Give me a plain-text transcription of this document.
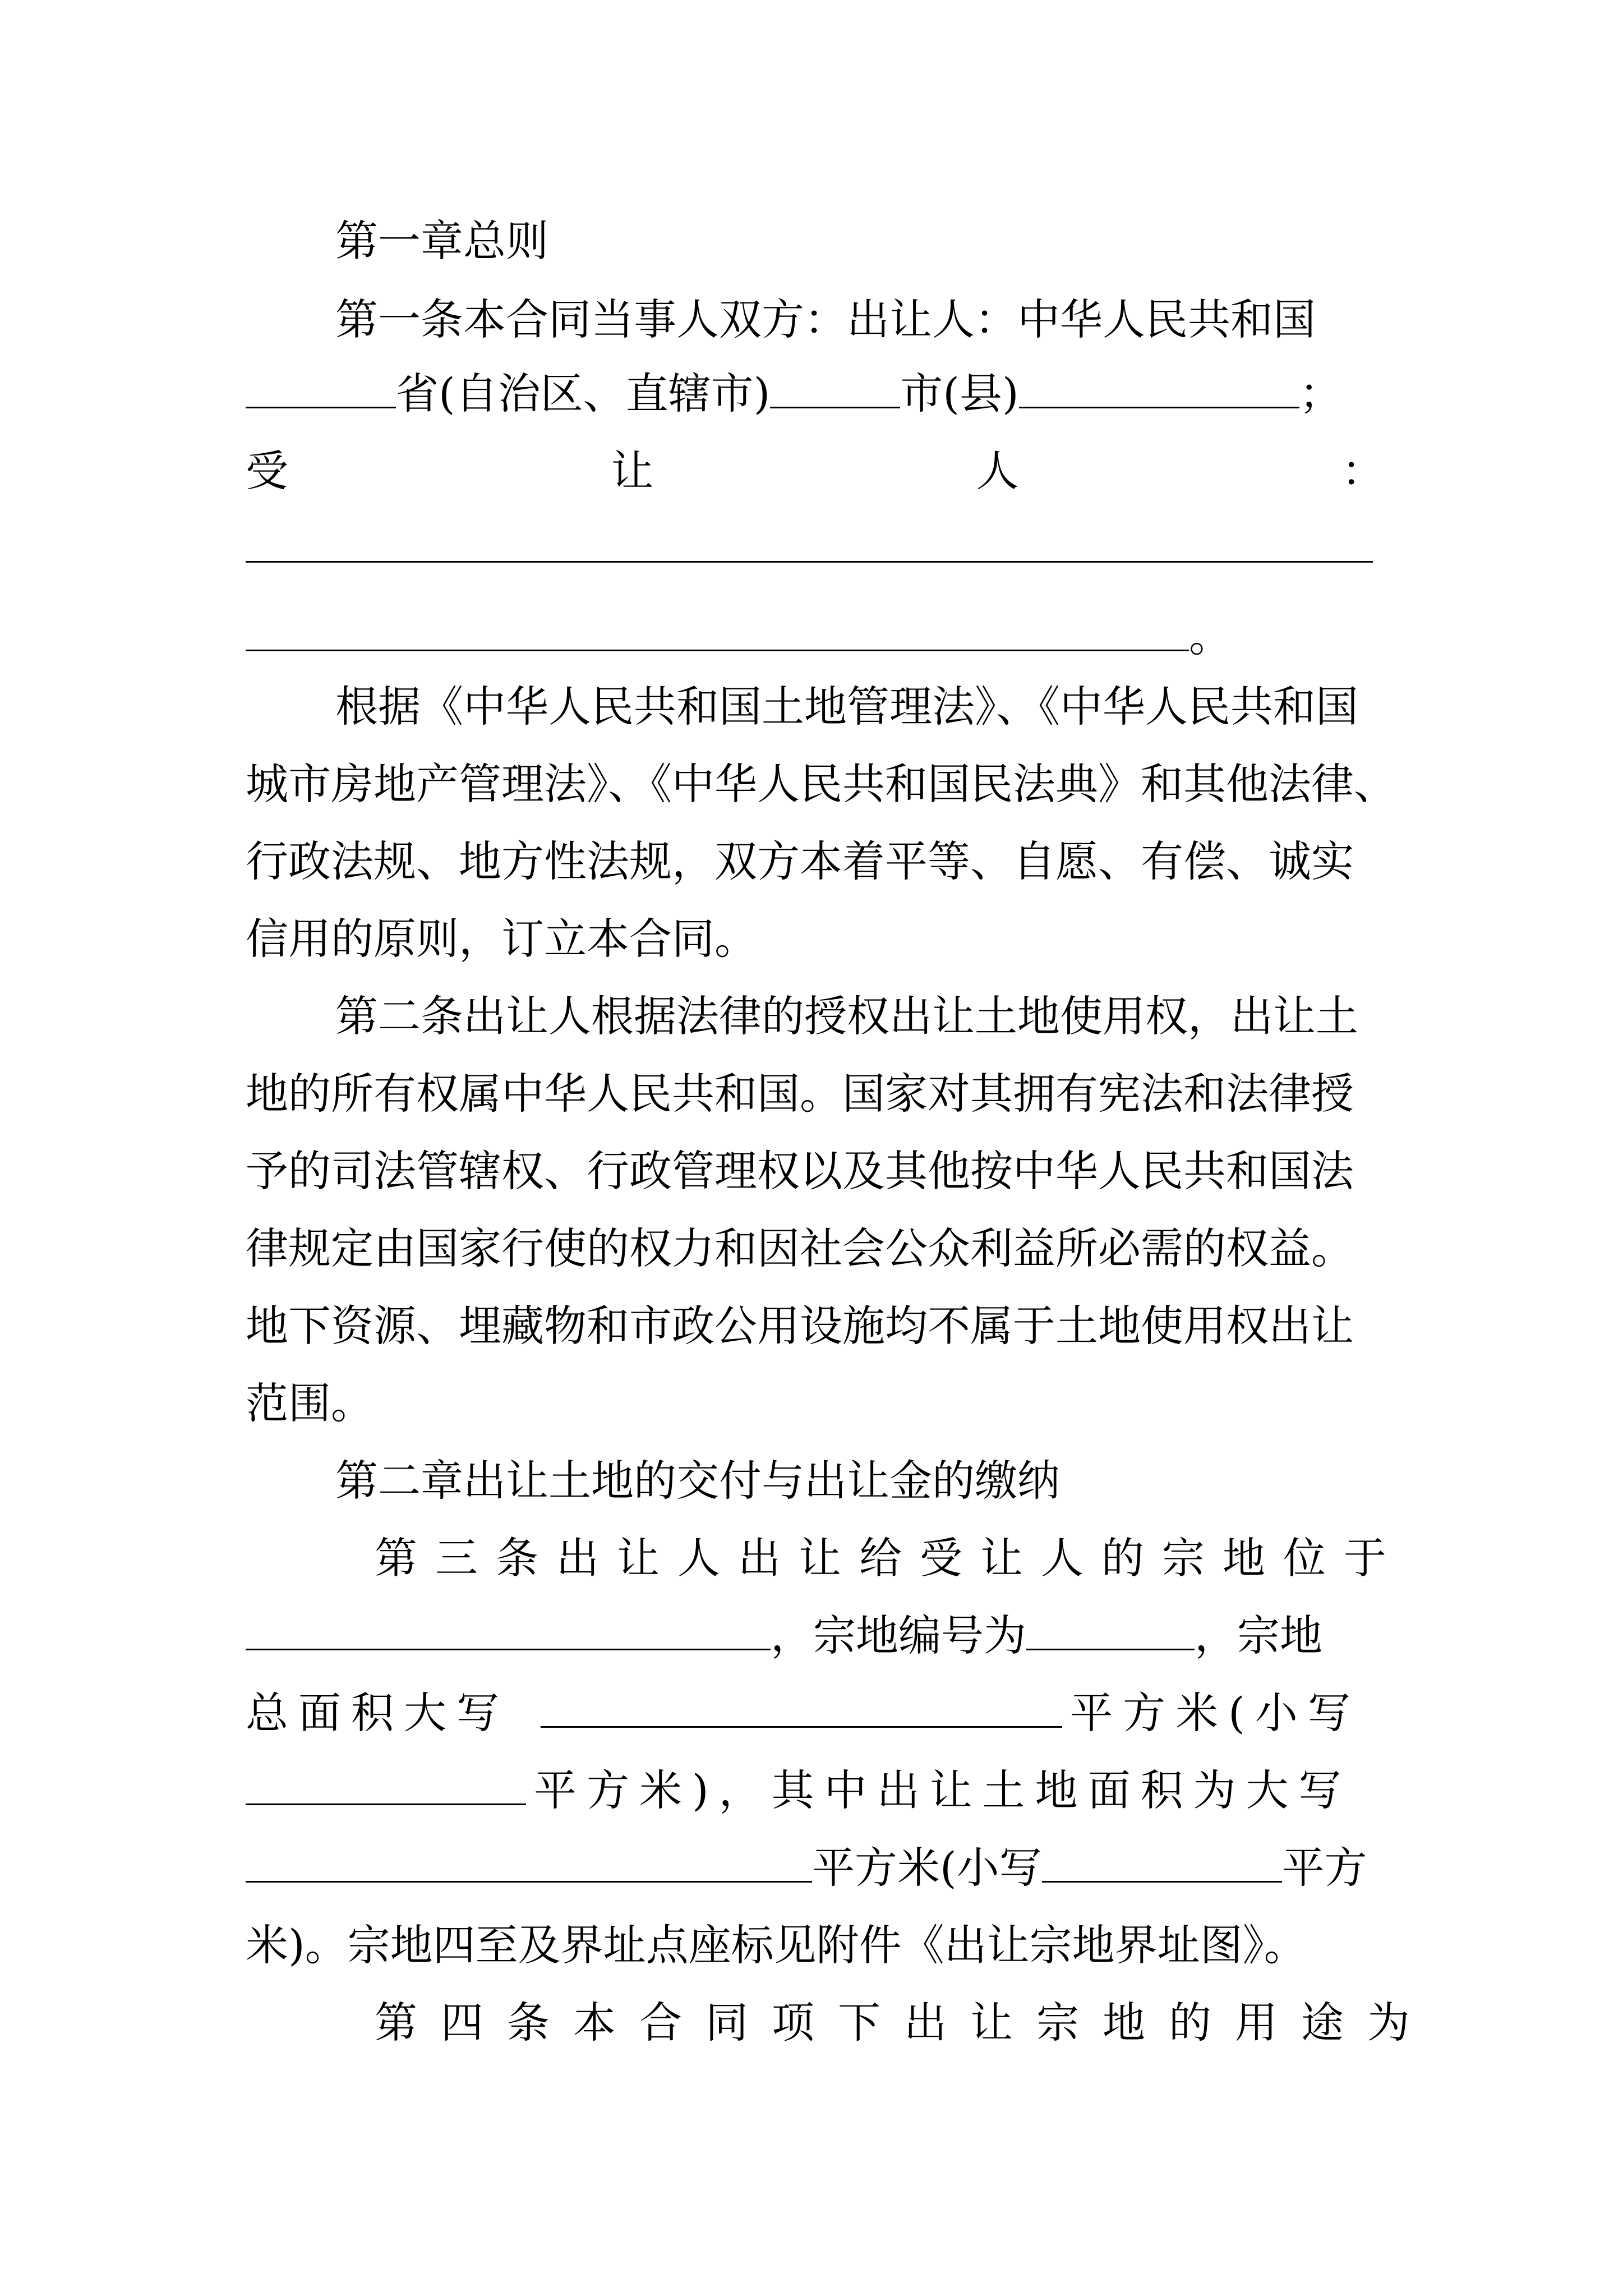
第一章总则
第一条本合同当事人双方：出让人：中华人民共和国
省(自治区、直辖市)	市(县)	；
受	让	人	：
。
根据《中华人民共和国土地管理法》、《中华人民共和国
城市房地产管理法》、《中华人民共和国民法典》和其他法律、
行政法规、地方性法规，双方本着平等、自愿、有偿、诚实
信用的原则，订立本合同。
第二条出让人根据法律的授权出让土地使用权，出让土
地的所有权属中华人民共和国。国家对其拥有宪法和法律授
予的司法管辖权、行政管理权以及其他按中华人民共和国法
律规定由国家行使的权力和因社会公众利益所必需的权益。
地下资源、埋藏物和市政公用设施均不属于土地使用权出让
范围。
第二章出让土地的交付与出让金的缴纳
第三条出让人出让给受让人的宗地位于
，宗地编号为	，宗地
总面积大写	平方米(小写
平方米)，其中出让土地面积为大写
平方米(小写	平方
米)。宗地四至及界址点座标见附件《出让宗地界址图》。
第四条本合同项下出让宗地的用途为
